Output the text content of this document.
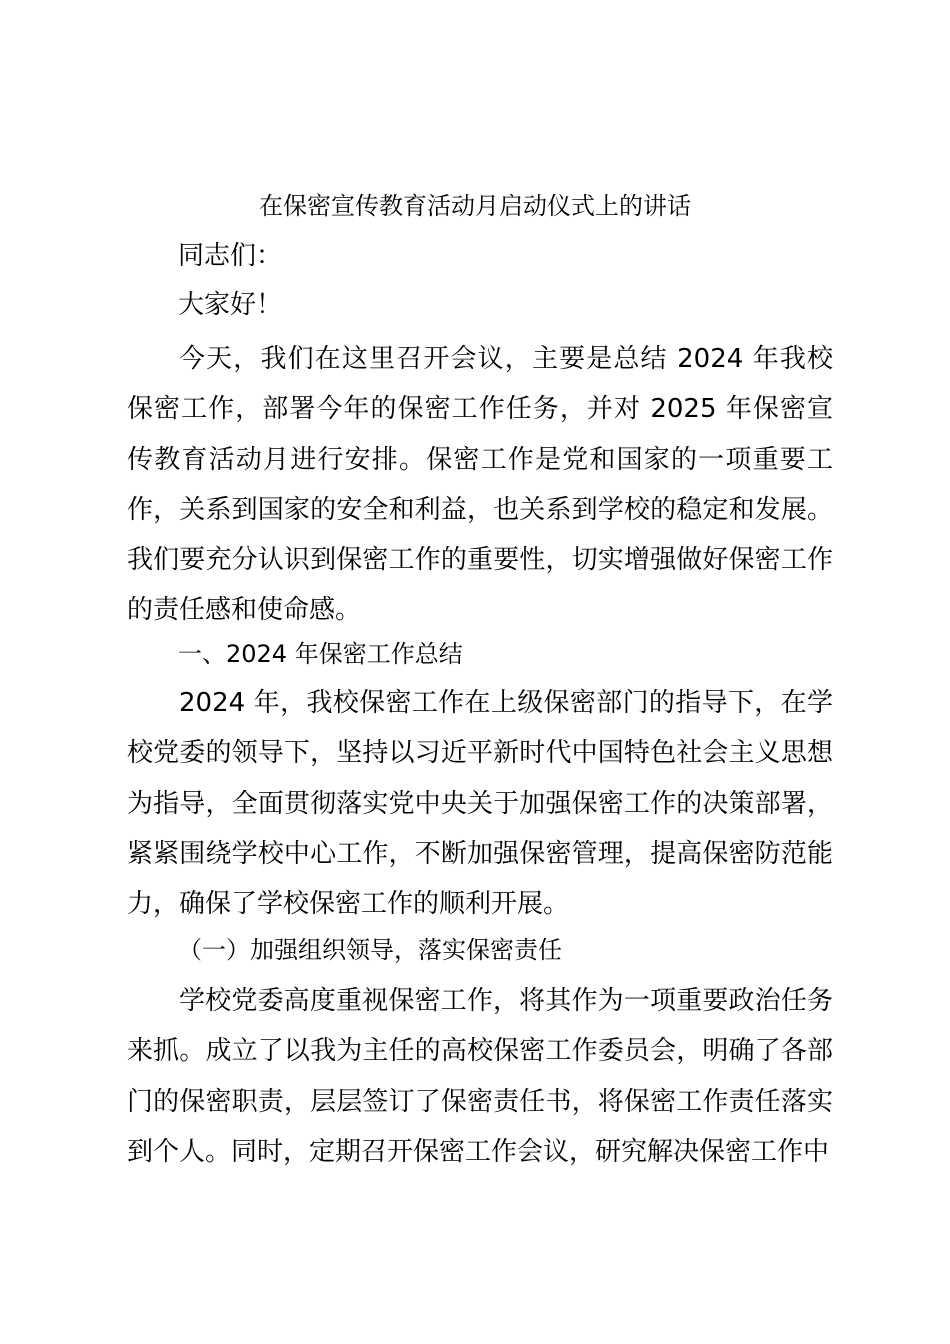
在保密宣传教育活动月启动仪式上的讲话
同志们：
大家好！

今天，我们在这里召开会议，主要是总结 2024 年我校保密工作，部署今年的保密工作任务，并对 2025 年保密宣传教育活动月进行安排。保密工作是党和国家的一项重要工作，关系到国家的安全和利益，也关系到学校的稳定和发展。我们要充分认识到保密工作的重要性，切实增强做好保密工作的责任感和使命感。

一、2024 年保密工作总结

2024 年，我校保密工作在上级保密部门的指导下，在学校党委的领导下，坚持以习近平新时代中国特色社会主义思想为指导，全面贯彻落实党中央关于加强保密工作的决策部署，紧紧围绕学校中心工作，不断加强保密管理，提高保密防范能力，确保了学校保密工作的顺利开展。

（一）加强组织领导，落实保密责任

学校党委高度重视保密工作，将其作为一项重要政治任务来抓。成立了以我为主任的高校保密工作委员会，明确了各部门的保密职责，层层签订了保密责任书，将保密工作责任落实到个人。同时，定期召开保密工作会议，研究解决保密工作中
